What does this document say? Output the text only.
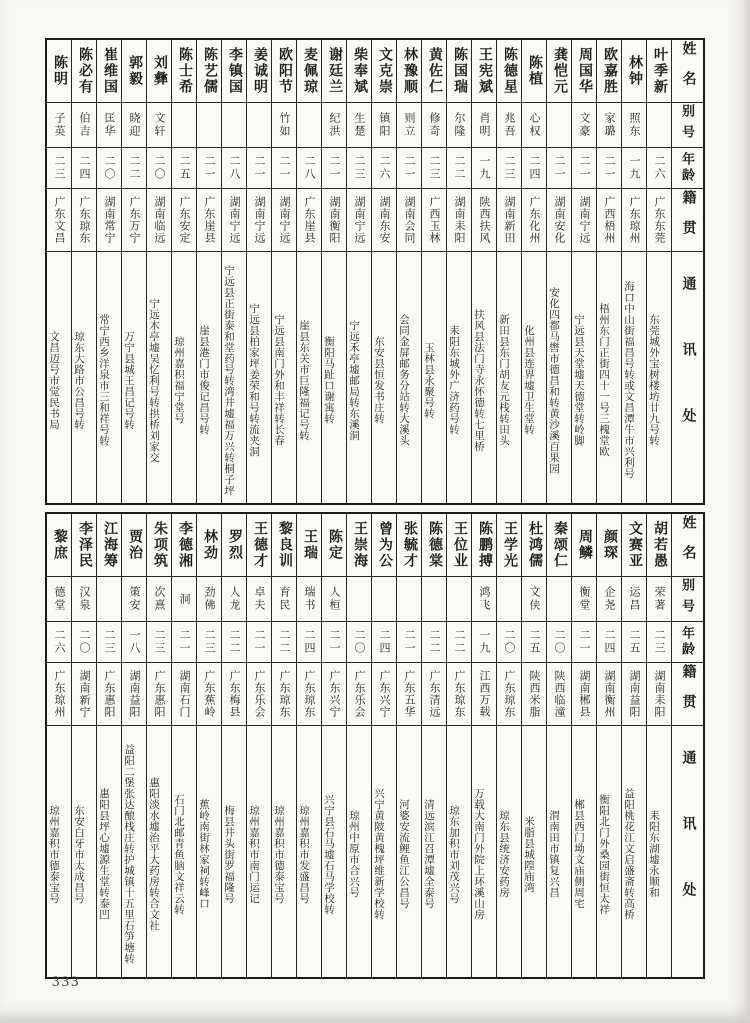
姓名
别号
年龄
籍贯
通讯处
叶季新
二六
广东东莞
东莞城外宝树楼坊廿九号转
林钟
照东
一九
广东琼州
海口中山街福昌号转或文昌潭牛市兴利号
欧嘉胜
家璐
二一
广西梧州
梧州东门正街四十一号三槐堂欧
周国华
文豪
二一
湖南宁远
宁远县天堂墟天德堂转岭脚
龚恺元
二一
湖南安化
安化四都马辔市德昌和转黄沙溪百果园
陈植
心权
二四
广东化州
化州县连界墟卫生堂转
陈德星
兆吾
二三
湖南新田
新田县东门胡友元栈转田头
王宪斌
肖明
一九
陕西扶风
扶风县法门寺永怀德转七里桥
陈国瑞
尔隆
二二
湖南耒阳
耒阳东城外广济药号转
黄佐仁
修奇
二三
广西玉林
玉林县永聚号转
林豫顺
则立
二一
湖南会同
会同金屏邮务分站转大溪头
文克崇
镇阳
二六
湖南东安
东安县恒发书庄转
柴奉斌
生楚
二三
湖南宁远
宁远禾亭墟邮局转东溪洞
谢廷兰
纪洪
二一
湖南衡阳
衡阳马趾口谢寓转
麦佩琼
二八
广东崖县
崖县东关市巨隆福记号转
欧阳节
竹如
二一
湖南宁远
宁远县南门外和丰祥转长春
姜诚明
二一
湖南宁远
宁远县柏家坪姜荣和号转流夹洞
李镇国
二八
湖南宁远
宁远县正街泰和堂药号转湾井墟福万兴转桐子坪
陈艺儒
二一
广东崖县
崖县港门市俊记昌号转
陈士希
二五
广东安定
琼州嘉积福宁堂号
刘彝
文轩
二〇
湖南临远
宁远木亭墟吴忆利号转拱桥刘家交
郭毅
晓迎
二二
广东万宁
万宁县城王昌记号转
崔维国
匡华
二〇
湖南常宁
常宁西乡洋泉市三和祥号转
陈必有
伯吉
二四
广东琼东
琼东大路市公昌号转
陈明
子英
二三
广东文昌
文昌迈号市觉民书局
姓名
别号
年龄
籍贯
通讯处
胡若愚
荣著
二三
湖南耒阳
耒阳东湖墟永顺和
文赛亚
运昌
二五
湖南益阳
益阳桃花江文启盛斋转高桥
颜琛
企尧
二四
湖南衡州
衡阳北门外桑园街恒太祥
周鳞
衡堂
二一
湖南郴县
郴县西门坳文庙侧周宅
秦颂仁
二〇
陕西临潼
渭南田市镇复兴昌
杜鸿儒
文侠
二五
陕西米脂
米脂县城隍庙湾
王学光
二〇
广东琼东
琼东县统济安药房
陈鹏搏
鸿飞
一九
江西万载
万载大南门外院上环溪山房
王位业
二二
广东琼东
琼东加积市刘茂兴号
陈德棠
二二
广东清远
清远滨江召潭墟全泰号
张毓才
二一
广东五华
河婆安流鲤鱼江公昌号
曾为公
二四
广东兴宁
兴宁黄陂黄槐坪维新学校转
王崇海
二〇
广东乐会
琼州中原市合兴号
陈定
人桓
二一
广东兴宁
兴宁县石马墟石马学校转
王瑞
瑞书
二四
广东琼东
琼州嘉积市发盛昌号
黎良训
育民
二二
广东琼东
琼州嘉积市德泰宝号
王德才
卓夫
二一
广东乐会
琼州嘉积市南门运记
罗烈
人龙
二二
广东梅县
梅县井头街罗福隆号
林劲
劲佛
二三
广东蕉岭
蕉岭南街林家祠转峰口
李德湘
洞
二一
湖南石门
石门北邮青鱼脑文祥云转
朱项筑
次熹
二三
广东惠阳
惠阳淡水墟治平大药房转合文社
贾治
策安
一八
湖南益阳
益阳二堡张达酿栈庄转护城镇十五里石笋塘转
江海筹
二三
广东惠阳
惠阳县坪心墟源生堂转泰凹
李泽民
汉泉
二〇
湖南新宁
东安白牙市太成昌号
黎庶
德堂
二六
广东琼州
琼州嘉积市德泰宝号
333
